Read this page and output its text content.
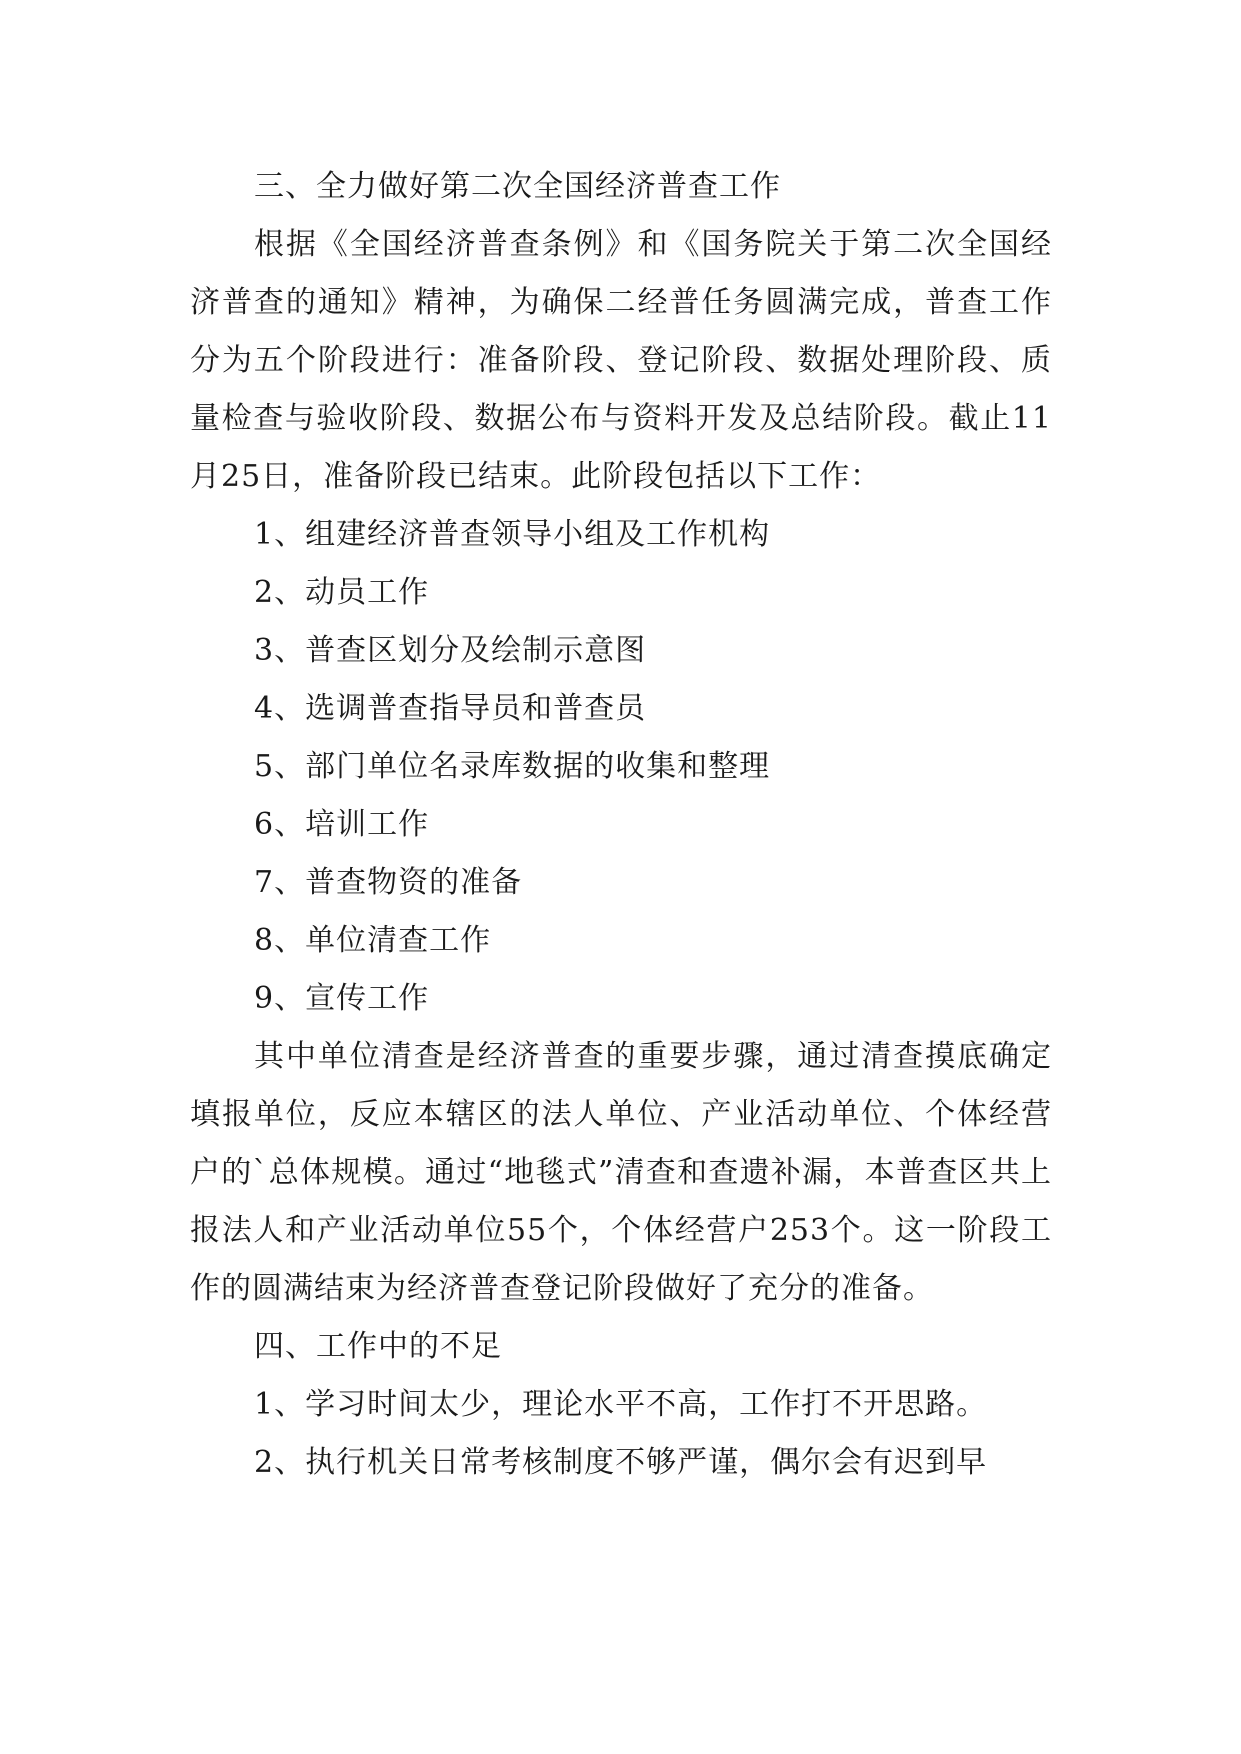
三、全力做好第二次全国经济普查工作

根据《全国经济普查条例》和《国务院关于第二次全国经济普查的通知》精神，为确保二经普任务圆满完成，普查工作分为五个阶段进行：准备阶段、登记阶段、数据处理阶段、质量检查与验收阶段、数据公布与资料开发及总结阶段。截止11月25日，准备阶段已结束。此阶段包括以下工作：

1、组建经济普查领导小组及工作机构

2、动员工作

3、普查区划分及绘制示意图

4、选调普查指导员和普查员

5、部门单位名录库数据的收集和整理

6、培训工作

7、普查物资的准备

8、单位清查工作

9、宣传工作

其中单位清查是经济普查的重要步骤，通过清查摸底确定填报单位，反应本辖区的法人单位、产业活动单位、个体经营户的`总体规模。通过“地毯式”清查和查遗补漏，本普查区共上报法人和产业活动单位55个，个体经营户253个。这一阶段工作的圆满结束为经济普查登记阶段做好了充分的准备。

四、工作中的不足

1、学习时间太少，理论水平不高，工作打不开思路。

2、执行机关日常考核制度不够严谨，偶尔会有迟到早
